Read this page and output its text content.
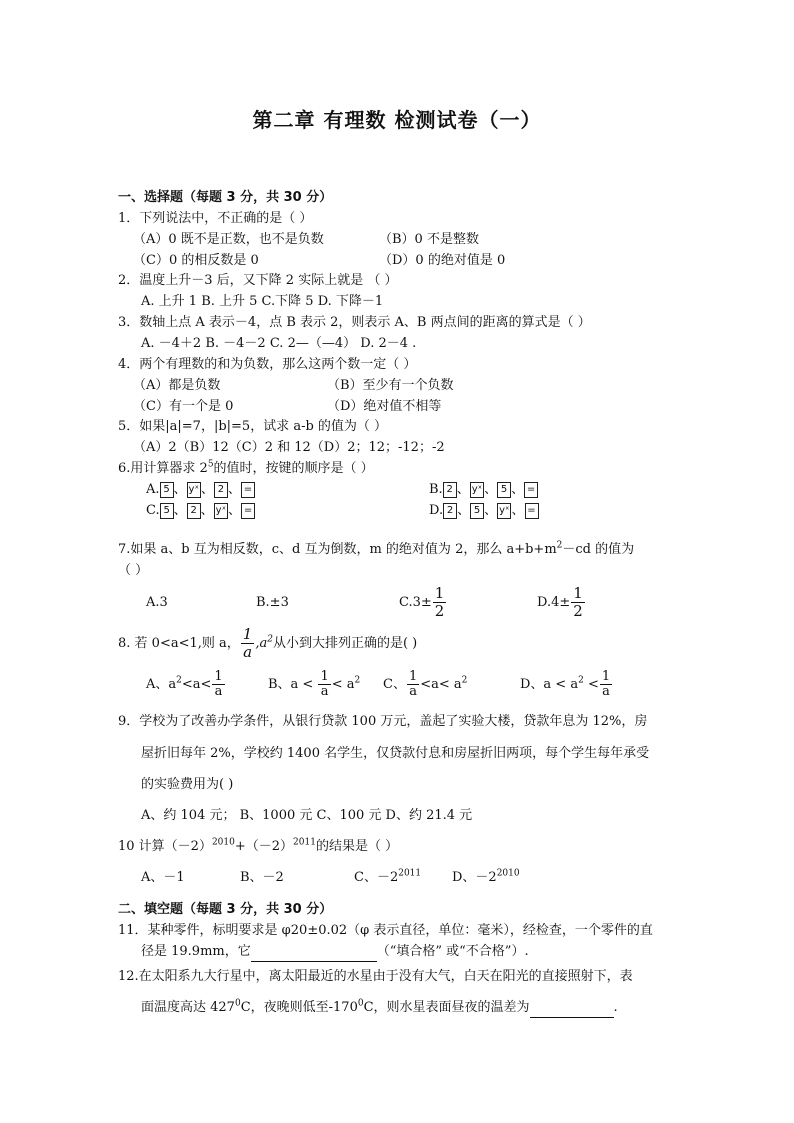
第二章 有理数 检测试卷（一）
一、选择题（每题 3 分，共 30 分）
1．下列说法中，不正确的是（ ）
（A）0 既不是正数，也不是负数	（B）0 不是整数
（C）0 的相反数是 0	（D）0 的绝对值是 0
2．温度上升－3 后，又下降 2 实际上就是 （ ）
A. 上升 1 B. 上升 5 C.下降 5 D. 下降－1
3．数轴上点 A 表示－4，点 B 表示 2，则表示 A、B 两点间的距离的算式是（ ）
A. －4＋2 B. －4－2 C. 2—（—4） D. 2－4 .
4．两个有理数的和为负数，那么这两个数一定（ ）
（A）都是负数	（B）至少有一个负数
（C）有一个是 0	（D）绝对值不相等
5．如果|a|=7，|b|=5，试求 a-b 的值为（ ）
（A）2（B）12（C）2 和 12（D）2；12；-12；-2
6.用计算器求 $2^5$的值时，按键的顺序是（ ）
A. 5 、 yˣ 、 2 、 =	B. 2 、 yˣ 、 5 、 =
C. 5 、 2 、 yˣ 、 =	D. 2 、 5 、 yˣ 、 =
7.如果 a、b 互为相反数，c、d 互为倒数，m 的绝对值为 2，那么 $a+b+m^2-cd$ 的值为
（ ）
A.3	B.±3	$C.3\pm \frac{1}{2}$	$D.4\pm \frac{1}{2}$
8. 若 0<a<1,则 a， $\frac{1}{a} ,a^2$从小到大排列正确的是( )
A、$a^2<a< \frac{1}{a}$	B、$a < \frac{1}{a} < a^2$ C、 $\frac{1}{a} <a< a^2$	D、$a < a^2 < \frac{1}{a}$
9．学校为了改善办学条件，从银行贷款 100 万元，盖起了实验大楼，贷款年息为 12%，房
屋折旧每年 2%，学校约 1400 名学生，仅贷款付息和房屋折旧两项，每个学生每年承受
的实验费用为( )
A、约 104 元； B、1000 元 C、100 元 D、约 21.4 元
10 计算$(-2)^{2010}+(-2)^{2011}$的结果是（ ）
A、－1	B、－2	C、$-2^{2011}$ D、$-2^{2010}$
二、填空题（每题 3 分，共 30 分）
11．某种零件，标明要求是 φ20±0.02（φ 表示直径，单位：毫米），经检查，一个零件的直
径是 19.9mm，它	（“填合格” 或“不合格”）.
12.在太阳系九大行星中，离太阳最近的水星由于没有大气，白天在阳光的直接照射下，表
面温度高达 $427^0C$，夜晚则低至$-170^0C$，则水星表面昼夜的温差为	.
